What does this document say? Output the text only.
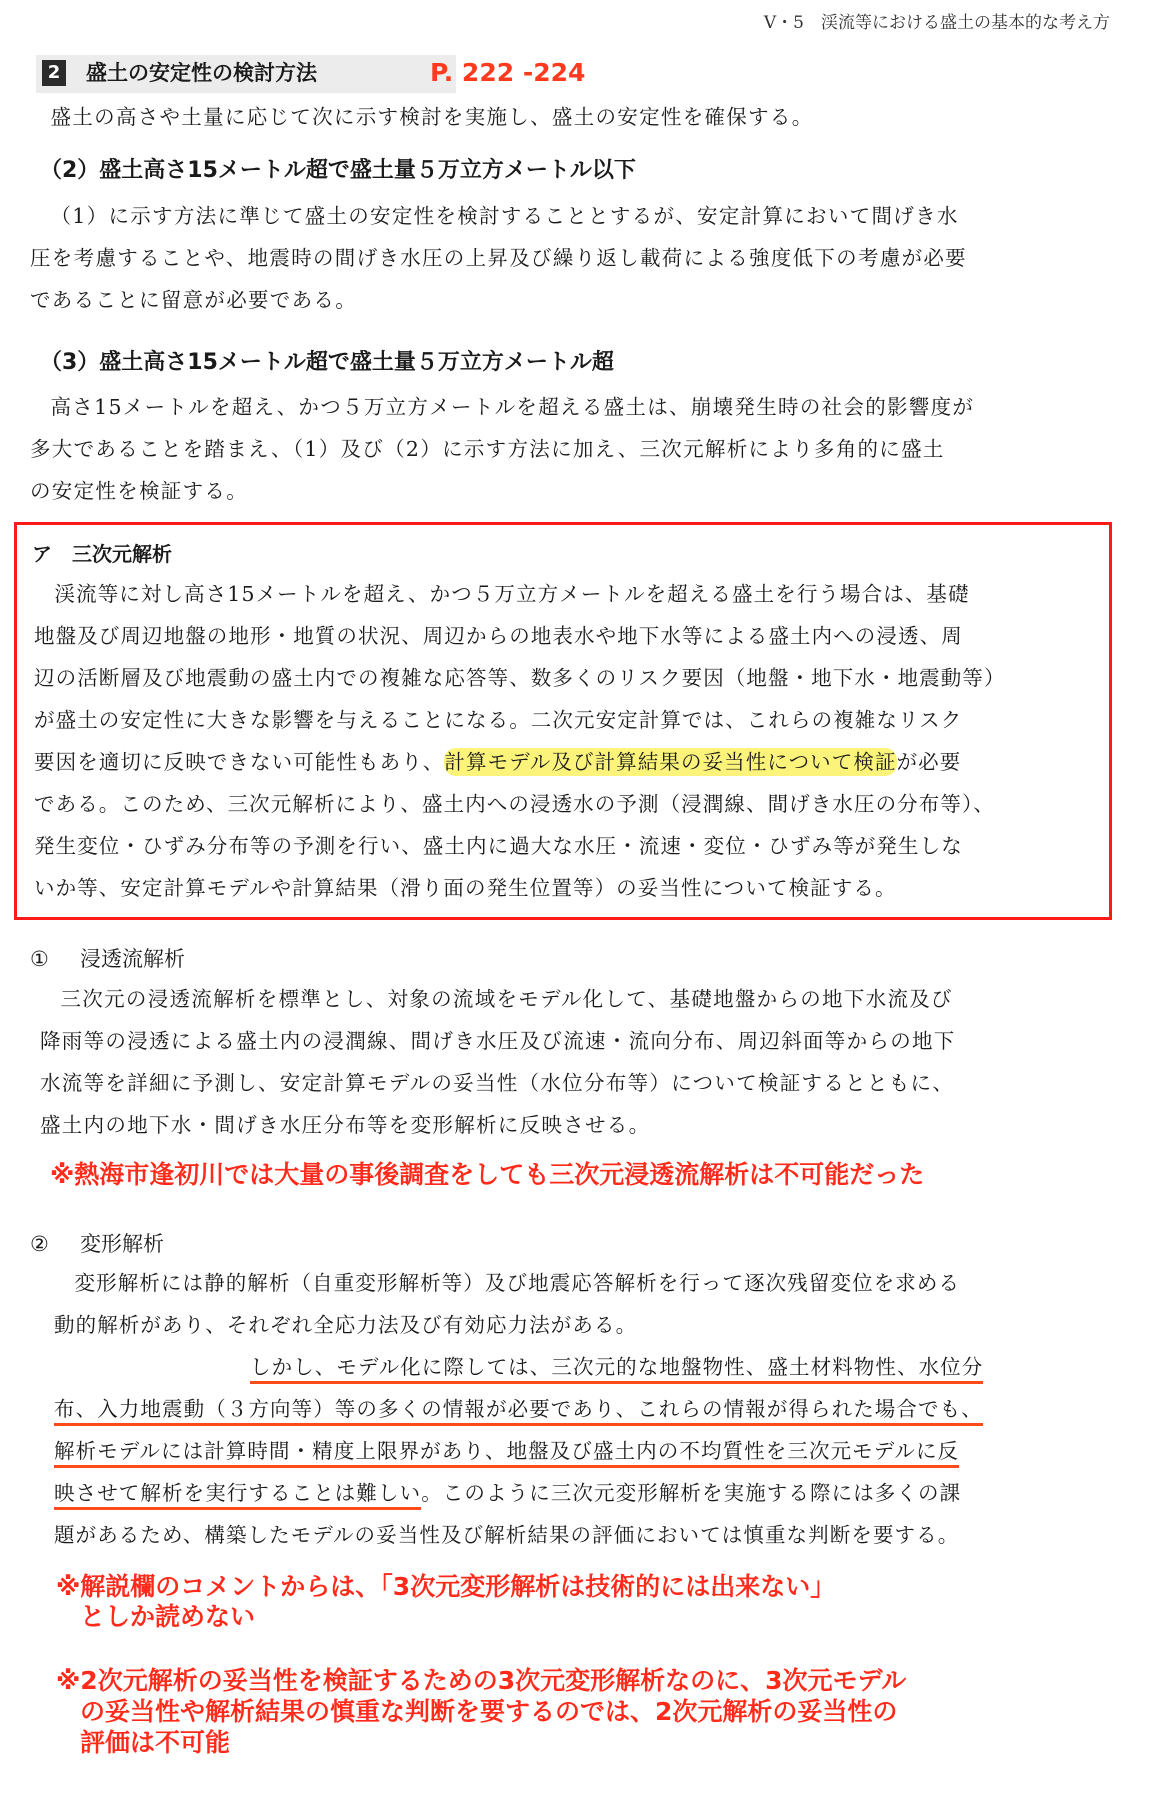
Ⅴ・5　渓流等における盛土の基本的な考え方
2 盛土の安定性の検討方法	P. 222 -224
盛土の高さや土量に応じて次に示す検討を実施し、盛土の安定性を確保する。
（2）盛土高さ15メートル超で盛土量５万立方メートル以下
（1）に示す方法に準じて盛土の安定性を検討することとするが、安定計算において間げき水
圧を考慮することや、地震時の間げき水圧の上昇及び繰り返し載荷による強度低下の考慮が必要
であることに留意が必要である。
（3）盛土高さ15メートル超で盛土量５万立方メートル超
高さ15メートルを超え、かつ５万立方メートルを超える盛土は、崩壊発生時の社会的影響度が
多大であることを踏まえ、（1）及び（2）に示す方法に加え、三次元解析により多角的に盛土
の安定性を検証する。
ア　三次元解析
渓流等に対し高さ15メートルを超え、かつ５万立方メートルを超える盛土を行う場合は、基礎
地盤及び周辺地盤の地形・地質の状況、周辺からの地表水や地下水等による盛土内への浸透、周
辺の活断層及び地震動の盛土内での複雑な応答等、数多くのリスク要因（地盤・地下水・地震動等）
が盛土の安定性に大きな影響を与えることになる。二次元安定計算では、これらの複雑なリスク
要因を適切に反映できない可能性もあり、計算モデル及び計算結果の妥当性について検証が必要
である。このため、三次元解析により、盛土内への浸透水の予測（浸潤線、間げき水圧の分布等）、
発生変位・ひずみ分布等の予測を行い、盛土内に過大な水圧・流速・変位・ひずみ等が発生しな
いか等、安定計算モデルや計算結果（滑り面の発生位置等）の妥当性について検証する。
① 浸透流解析
三次元の浸透流解析を標準とし、対象の流域をモデル化して、基礎地盤からの地下水流及び
降雨等の浸透による盛土内の浸潤線、間げき水圧及び流速・流向分布、周辺斜面等からの地下
水流等を詳細に予測し、安定計算モデルの妥当性（水位分布等）について検証するとともに、
盛土内の地下水・間げき水圧分布等を変形解析に反映させる。
※熱海市逢初川では大量の事後調査をしても三次元浸透流解析は不可能だった
② 変形解析
変形解析には静的解析（自重変形解析等）及び地震応答解析を行って逐次残留変位を求める
動的解析があり、それぞれ全応力法及び有効応力法がある。
しかし、モデル化に際しては、三次元的な地盤物性、盛土材料物性、水位分
布、入力地震動（３方向等）等の多くの情報が必要であり、これらの情報が得られた場合でも、
解析モデルには計算時間・精度上限界があり、地盤及び盛土内の不均質性を三次元モデルに反
映させて解析を実行することは難しい。このように三次元変形解析を実施する際には多くの課
題があるため、構築したモデルの妥当性及び解析結果の評価においては慎重な判断を要する。
※解説欄のコメントからは、「3次元変形解析は技術的には出来ない」
としか読めない
※2次元解析の妥当性を検証するための3次元変形解析なのに、3次元モデル
の妥当性や解析結果の慎重な判断を要するのでは、2次元解析の妥当性の
評価は不可能
